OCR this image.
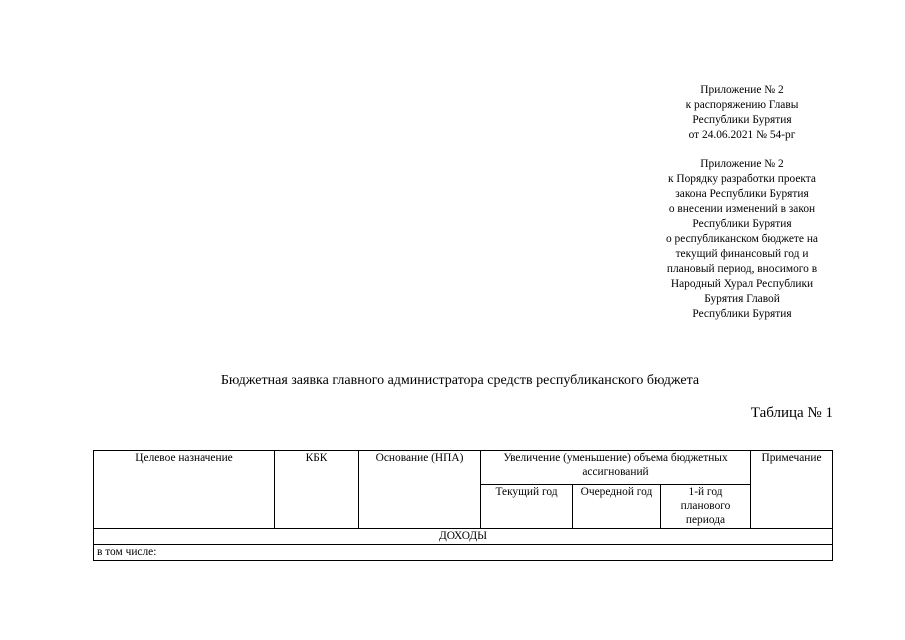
Приложение № 2
к распоряжению Главы
Республики Бурятия
от 24.06.2021 № 54-рг
Приложение № 2
к Порядку разработки проекта
закона Республики Бурятия
о внесении изменений в закон
Республики Бурятия
о республиканском бюджете на
текущий финансовый год и
плановый период, вносимого в
Народный Хурал Республики
Бурятия Главой
Республики Бурятия
Бюджетная заявка главного администратора средств республиканского бюджета
Таблица № 1
Целевое назначение	КБК	Основание (НПА)	Увеличение (уменьшение) объема бюджетных ассигнований			Примечание
			Текущий год	Очередной год	1-й год планового периода	
ДОХОДЫ						
в том числе:						
